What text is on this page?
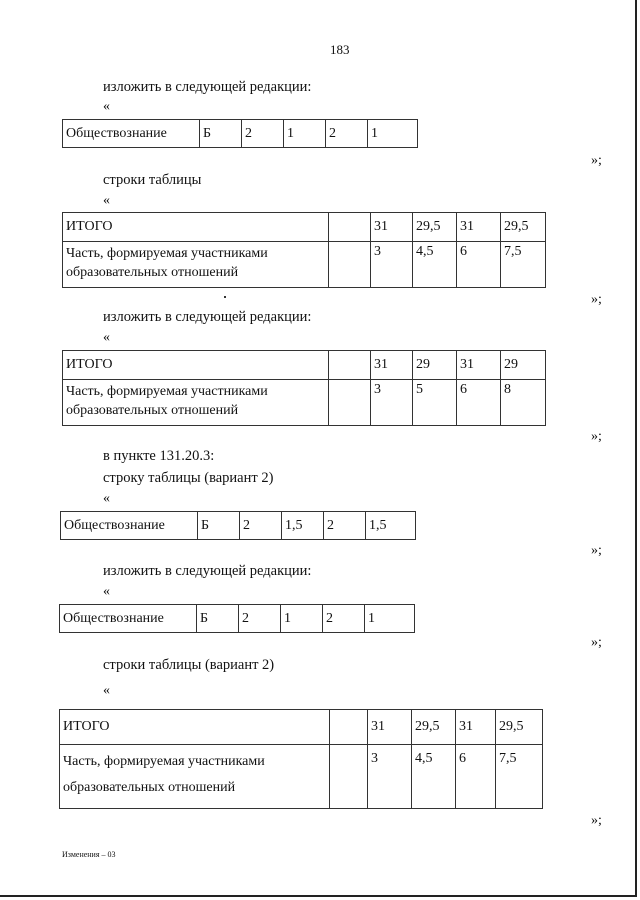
183
изложить в следующей редакции:
«
Обществознание	Б	2	1	2	1
»;
строки таблицы
«
ИТОГО		31	29,5	31	29,5
Часть, формируемая участниками образовательных отношений		3	4,5	6	7,5
»;
изложить в следующей редакции:
«
ИТОГО		31	29	31	29
Часть, формируемая участниками образовательных отношений		3	5	6	8
»;
в пункте 131.20.3:
строку таблицы (вариант 2)
«
Обществознание	Б	2	1,5	2	1,5
»;
изложить в следующей редакции:
«
Обществознание	Б	2	1	2	1
»;
строки таблицы (вариант 2)
«
ИТОГО		31	29,5	31	29,5

Часть, формируемая участниками
образовательных отношений		3	4,5	6	7,5
»;
Изменения – 03
